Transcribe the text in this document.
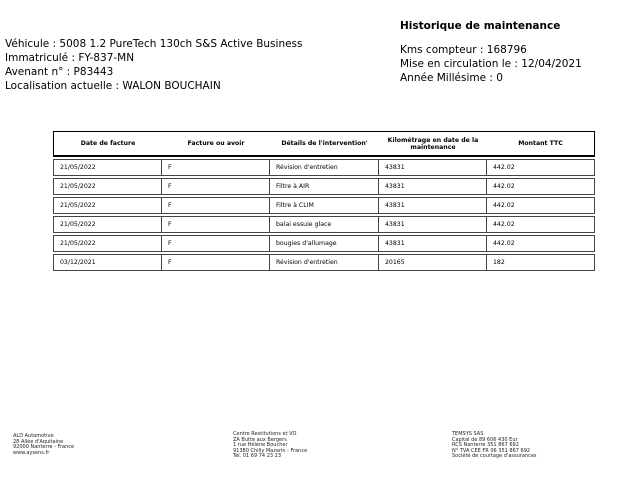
Véhicule : 5008 1.2 PureTech 130ch S&S Active Business
Immatriculé : FY-837-MN
Avenant n° : P83443
Localisation actuelle : WALON BOUCHAIN
Historique de maintenance
Kms compteur : 168796
Mise en circulation le : 12/04/2021
Année Millésime : 0
Date de facture	Facture ou avoir	Détails de l'intervention'	Kilométrage en date de la maintenance	Montant TTC
21/05/2022	F	Révision d'entretien	43831	442.02
21/05/2022	F	Filtre à AIR	43831	442.02
21/05/2022	F	Filtre à CLIM	43831	442.02
21/05/2022	F	balai essuie glace	43831	442.02
21/05/2022	F	bougies d'allumage	43831	442.02
03/12/2021	F	Révision d'entretien	20165	182
ALD Automotive
28 Allée d'Aquitaine
92000 Nanterre - France
www.aysens.fr
Centre Restitutions et VO
ZA Butte aux Bergers
1 rue Hélène Boucher
91380 Chilly Mazarin - France
Tél. 01 69 74 23 23
TEMSYS SAS
Capital de 89 606 430 Eur
RCS Nanterre 351 867 692
N° TVA CEE FR 06 351 867 692
Société de courtage d'assurances
